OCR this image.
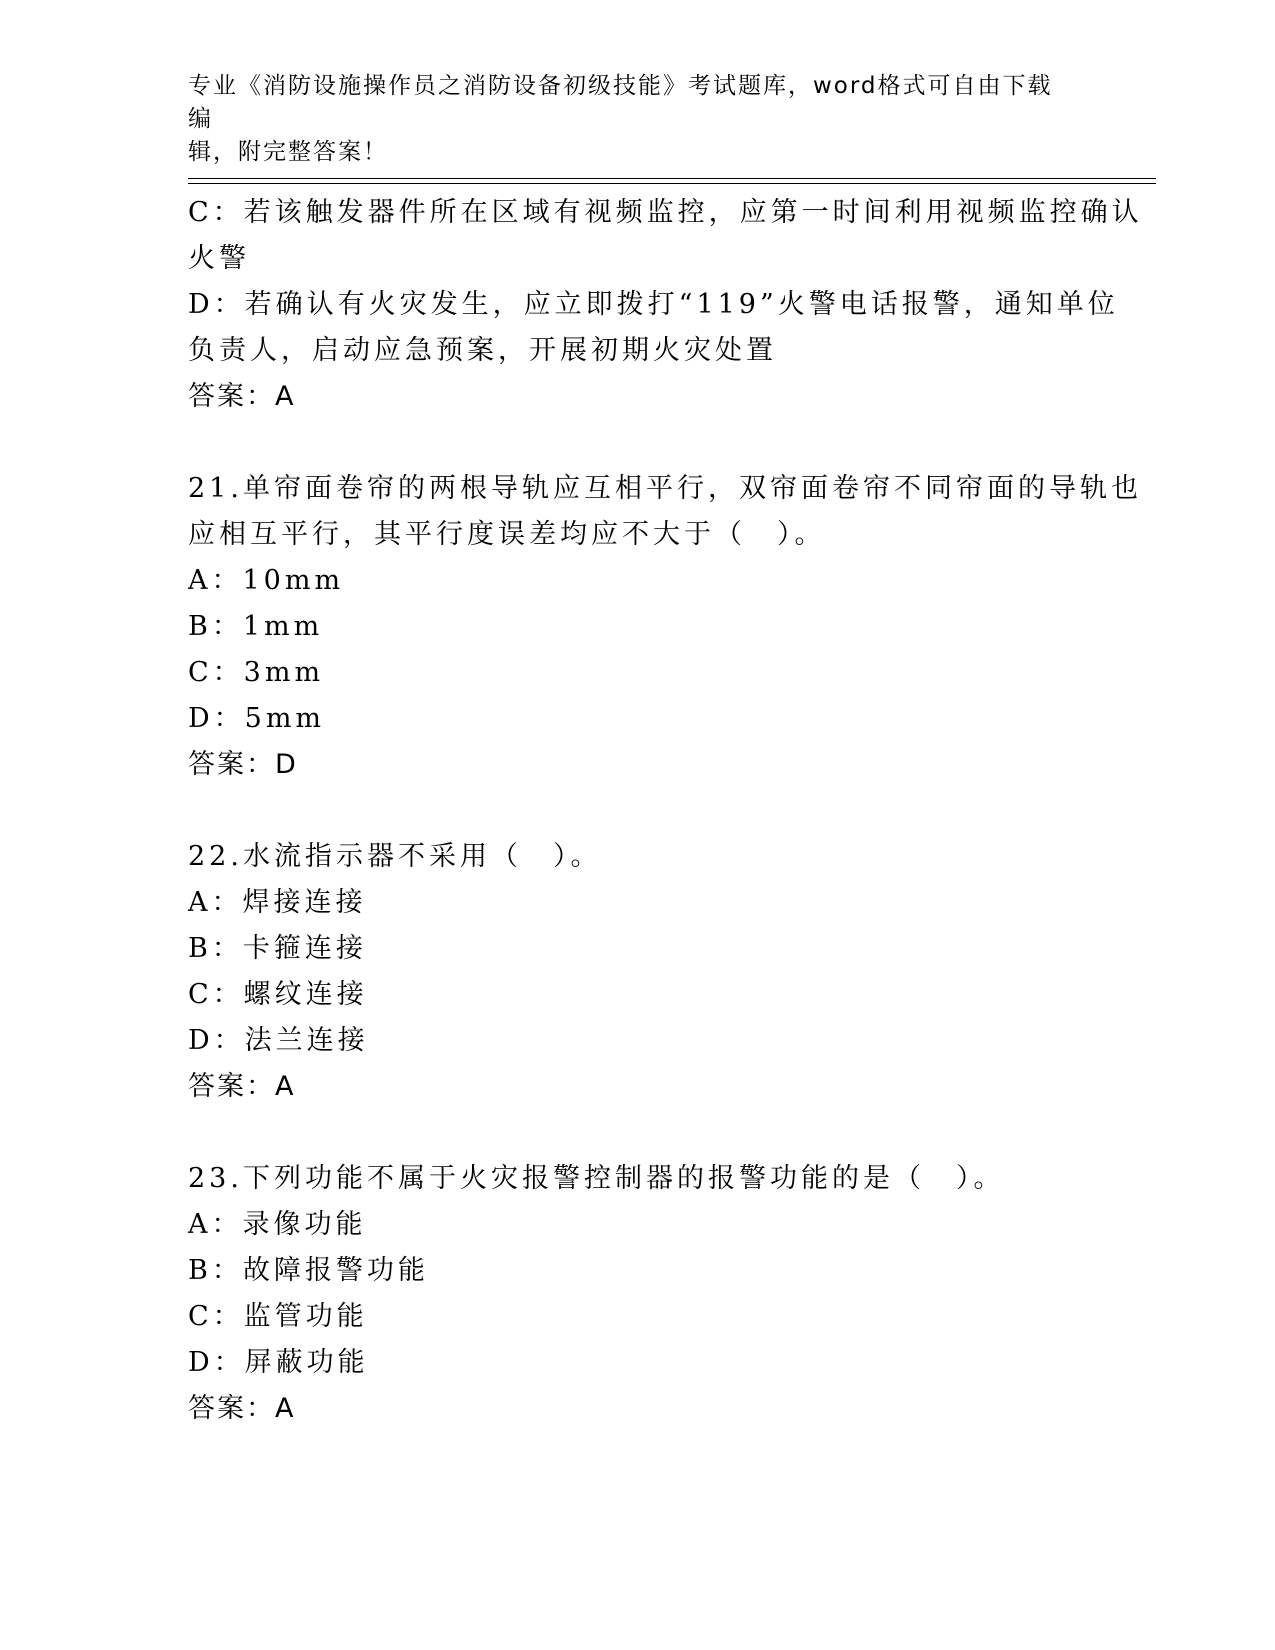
专业《消防设施操作员之消防设备初级技能》考试题库，word格式可自由下载编
辑，附完整答案！
C：若该触发器件所在区域有视频监控，应第一时间利用视频监控确认
火警
D：若确认有火灾发生，应立即拨打“119”火警电话报警，通知单位
负责人，启动应急预案，开展初期火灾处置
答案：A
21.单帘面卷帘的两根导轨应互相平行，双帘面卷帘不同帘面的导轨也
应相互平行，其平行度误差均应不大于（　）。
A：10mm
B：1mm
C：3mm
D：5mm
答案：D
22.水流指示器不采用（　）。
A：焊接连接
B：卡箍连接
C：螺纹连接
D：法兰连接
答案：A
23.下列功能不属于火灾报警控制器的报警功能的是（　）。
A：录像功能
B：故障报警功能
C：监管功能
D：屏蔽功能
答案：A
